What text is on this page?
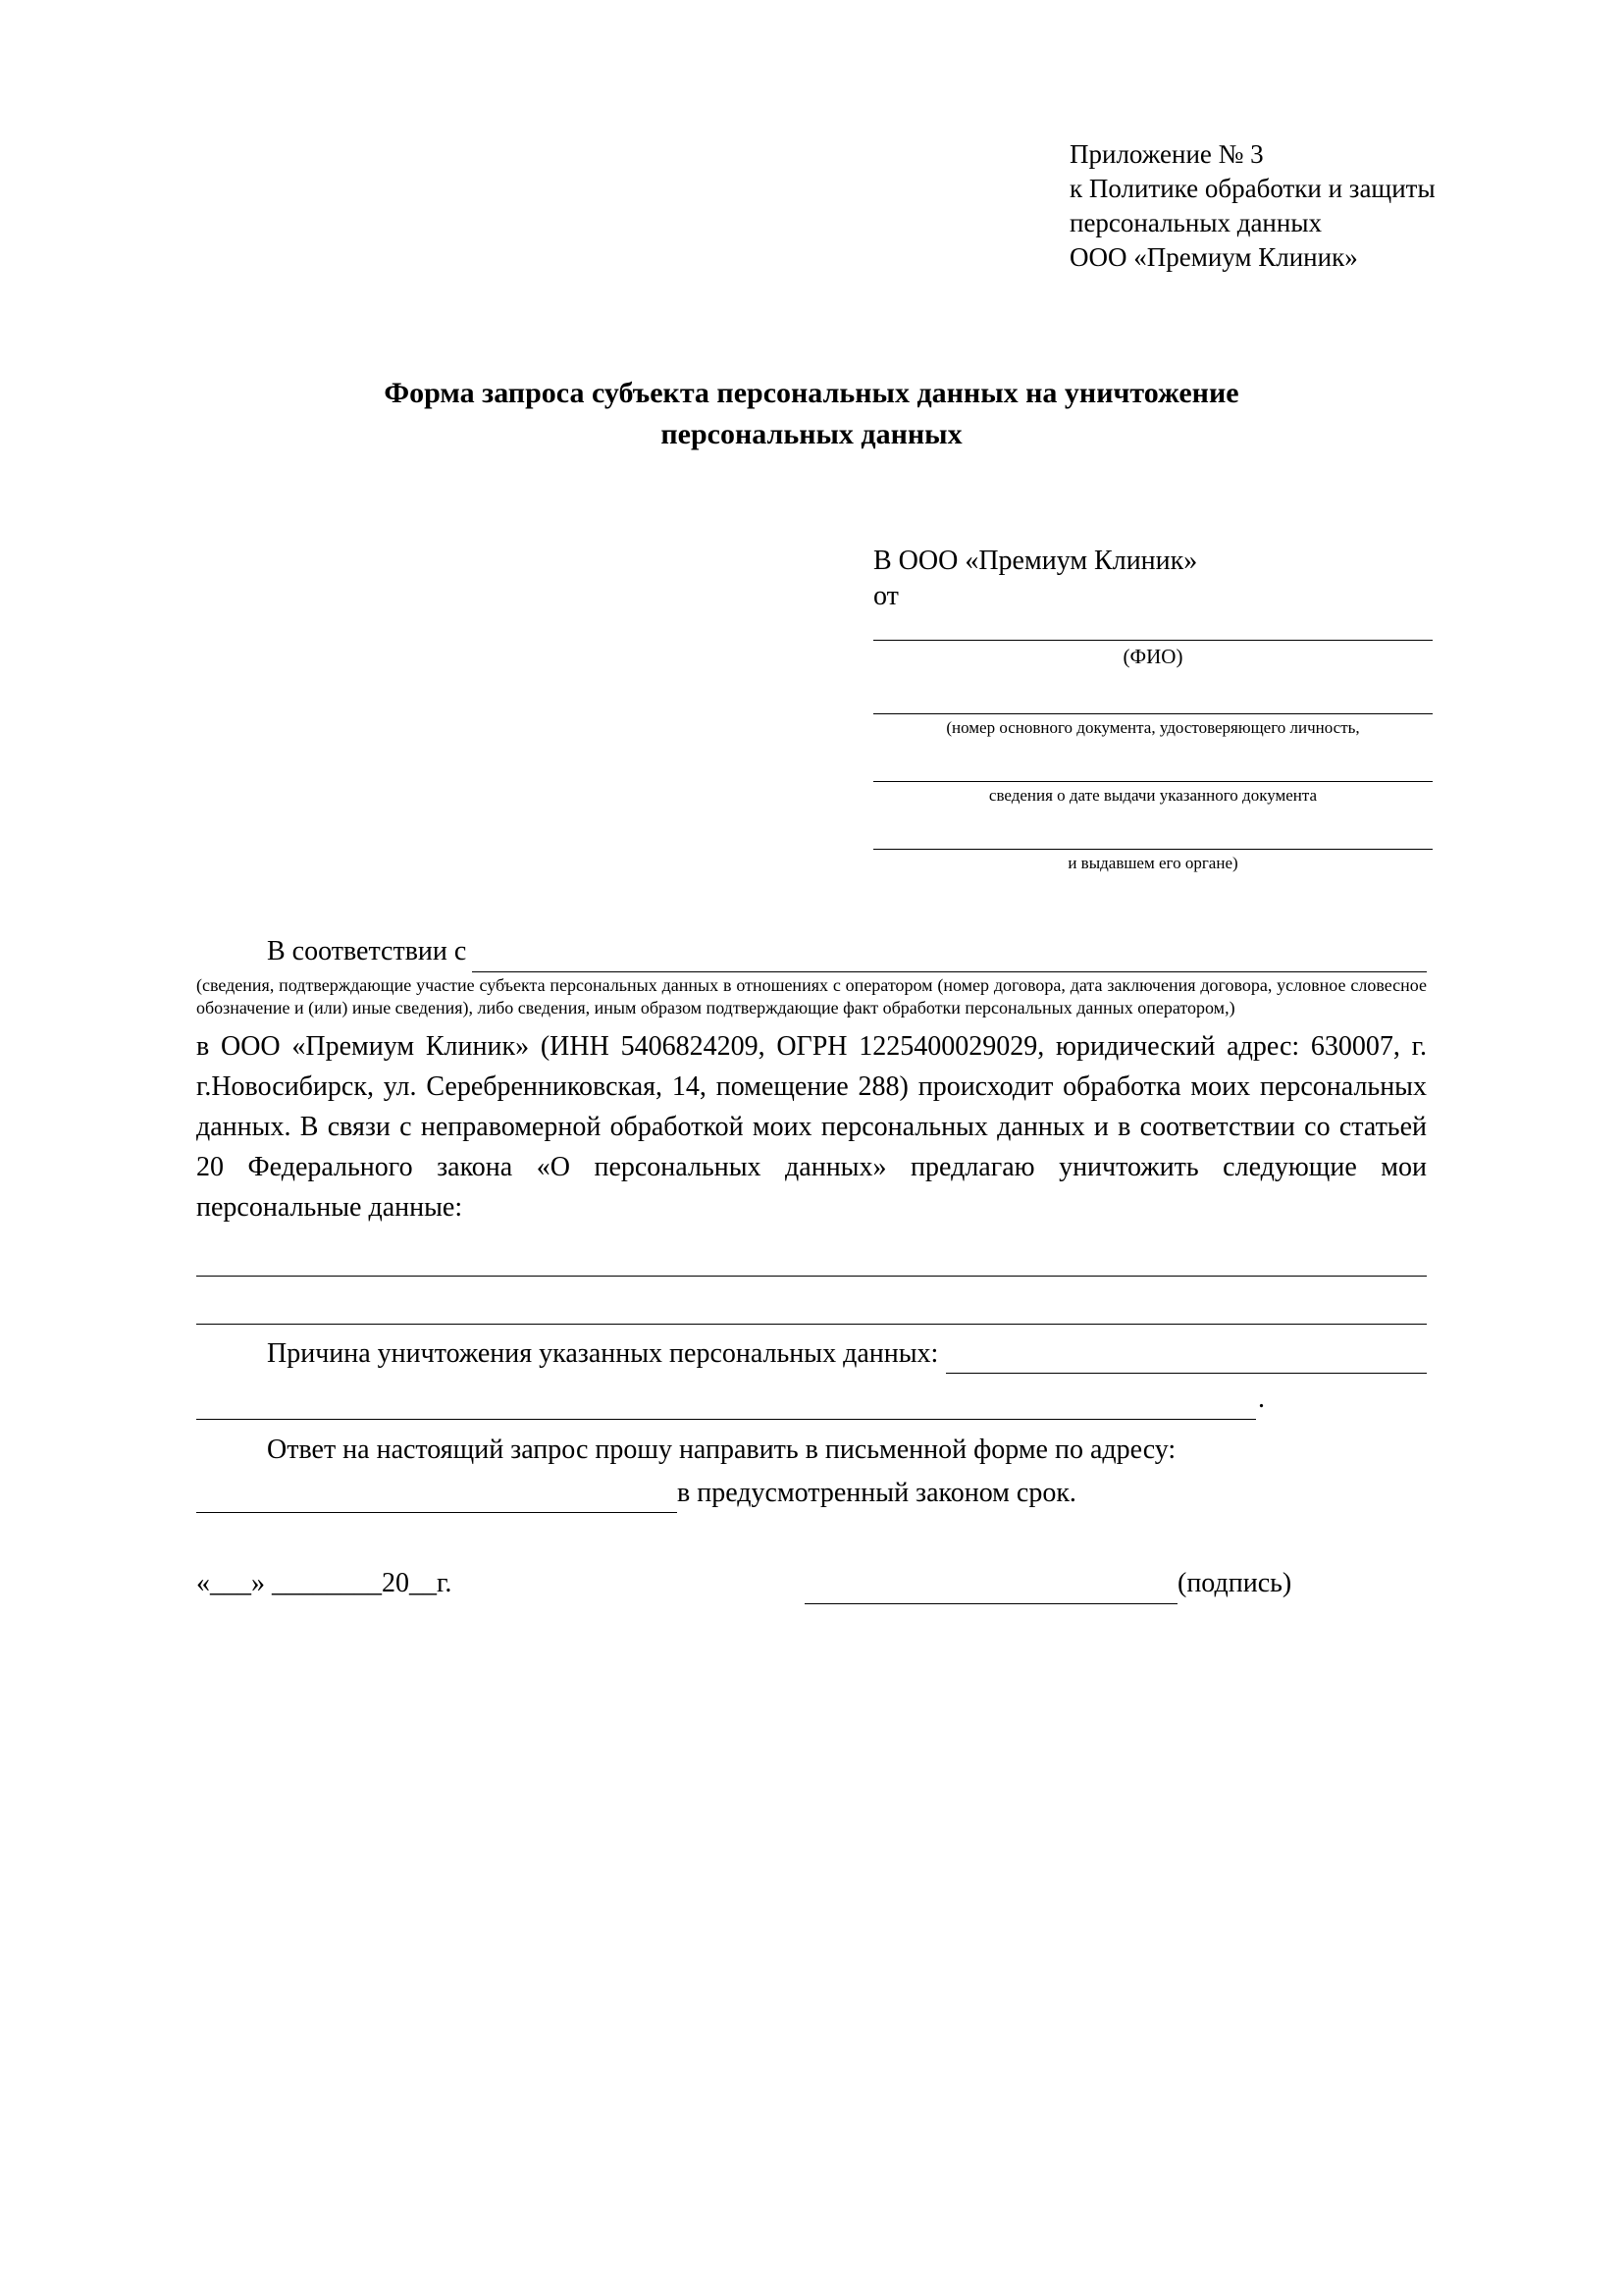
Приложение № 3
к Политике обработки и защиты
персональных данных
ООО «Премиум Клиник»
Форма запроса субъекта персональных данных на уничтожение
персональных данных
В ООО «Премиум Клиник»
от
(ФИО)
(номер основного документа, удостоверяющего личность,
сведения о дате выдачи указанного документа
и выдавшем его органе)
В соответствии с
(сведения, подтверждающие участие субъекта персональных данных в отношениях с оператором (номер договора, дата заключения договора, условное словесное обозначение и (или) иные сведения), либо сведения, иным образом подтверждающие факт обработки персональных данных оператором,)
в ООО «Премиум Клиник» (ИНН 5406824209, ОГРН 1225400029029, юридический адрес: 630007, г. г.Новосибирск, ул. Серебренниковская, 14, помещение 288) происходит обработка моих персональных данных. В связи с неправомерной обработкой моих персональных данных и в соответствии со статьей 20 Федерального закона «О персональных данных» предлагаю уничтожить следующие мои персональные данные:
Причина уничтожения указанных персональных данных:
.
Ответ на настоящий запрос прошу направить в письменной форме по адресу:
в предусмотренный законом срок.
«___» ________20__г.	(подпись)
